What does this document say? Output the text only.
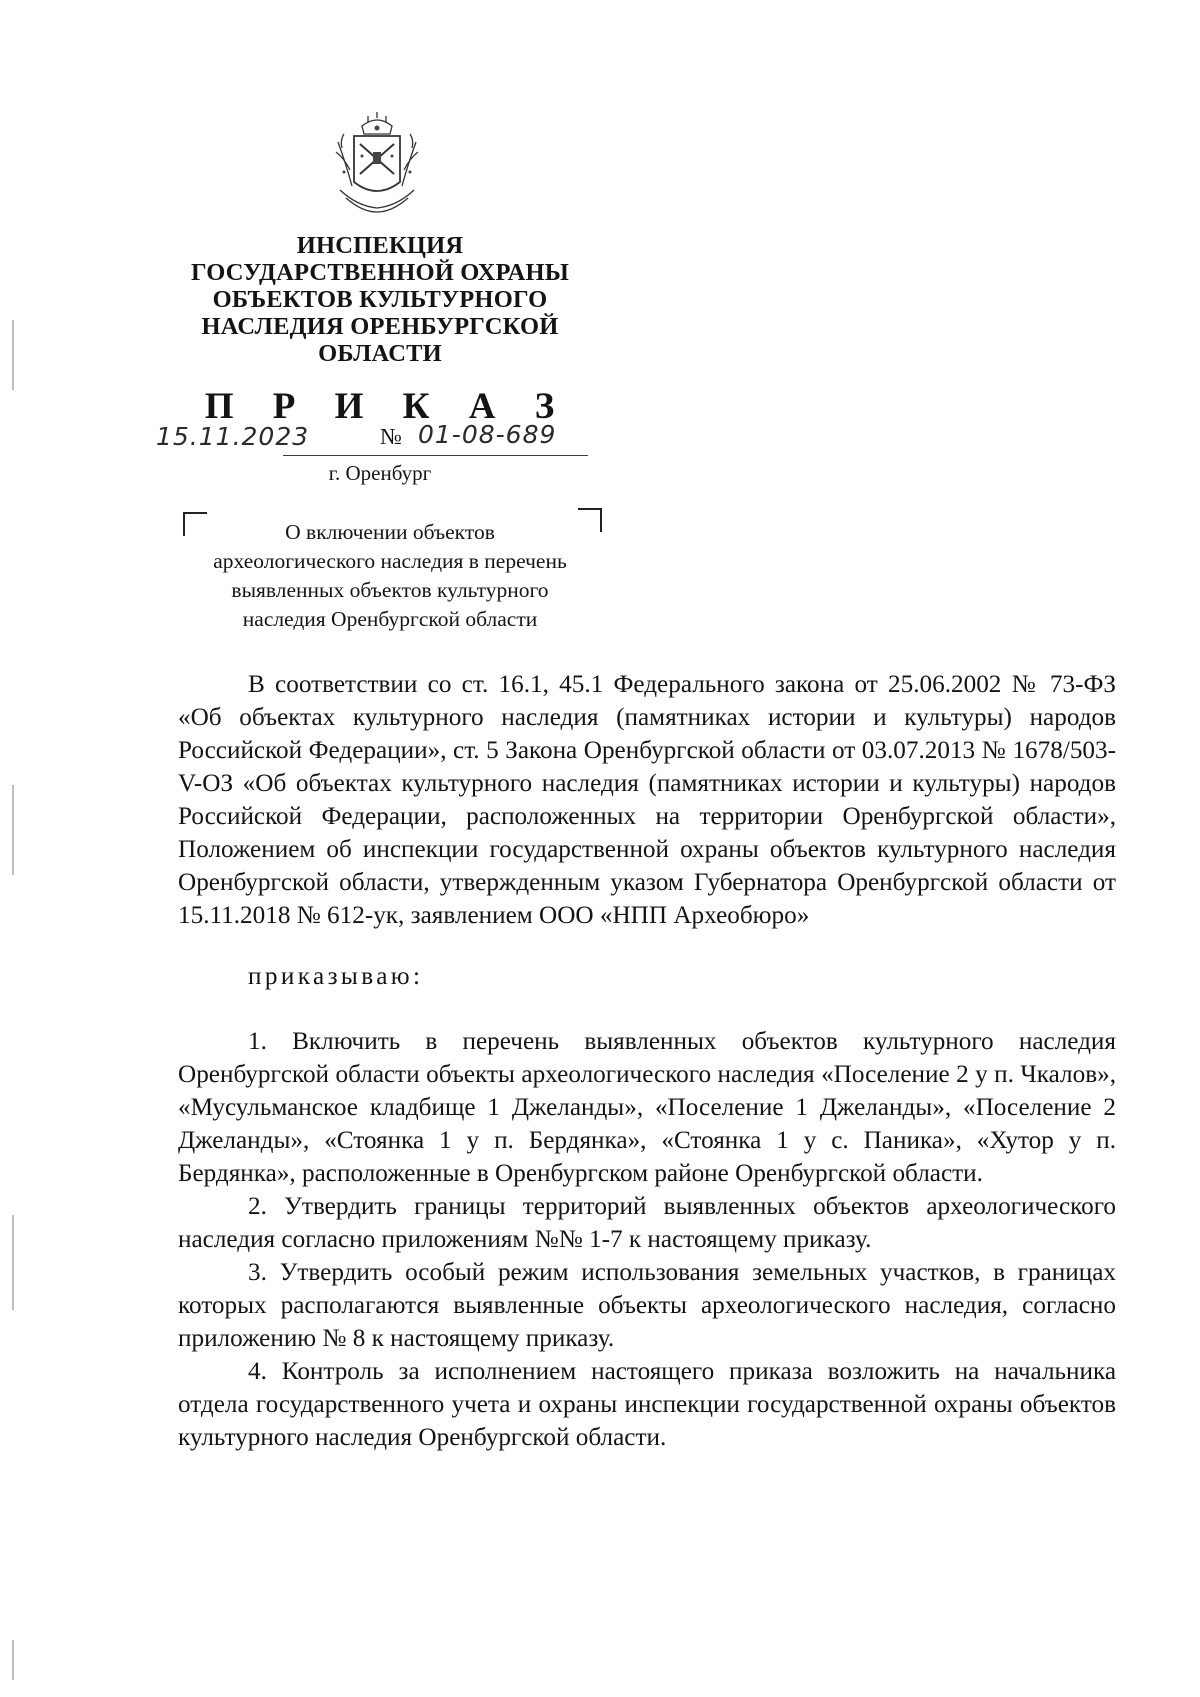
ИНСПЕКЦИЯ
ГОСУДАРСТВЕННОЙ ОХРАНЫ
ОБЪЕКТОВ КУЛЬТУРНОГО
НАСЛЕДИЯ ОРЕНБУРГСКОЙ
ОБЛАСТИ
П Р И К А З
15.11.2023	№ 01-08-689
г. Оренбург
О включении объектов
археологического наследия в перечень
выявленных объектов культурного
наследия Оренбургской области

В соответствии со ст. 16.1, 45.1 Федерального закона от 25.06.2002 № 73-ФЗ «Об объектах культурного наследия (памятниках истории и культуры) народов Российской Федерации», ст. 5 Закона Оренбургской области от 03.07.2013 № 1678/503-V-ОЗ «Об объектах культурного наследия (памятниках истории и культуры) народов Российской Федерации, расположенных на территории Оренбургской области», Положением об инспекции государственной охраны объектов культурного наследия Оренбургской области, утвержденным указом Губернатора Оренбургской области от 15.11.2018 № 612-ук, заявлением ООО «НПП Археобюро»

приказываю:

1. Включить в перечень выявленных объектов культурного наследия Оренбургской области объекты археологического наследия «Поселение 2 у п. Чкалов», «Мусульманское кладбище 1 Джеланды», «Поселение 1 Джеланды», «Поселение 2 Джеланды», «Стоянка 1 у п. Бердянка», «Стоянка 1 у с. Паника», «Хутор у п. Бердянка», расположенные в Оренбургском районе Оренбургской области.

2. Утвердить границы территорий выявленных объектов археологического наследия согласно приложениям №№ 1-7 к настоящему приказу.

3. Утвердить особый режим использования земельных участков, в границах которых располагаются выявленные объекты археологического наследия, согласно приложению № 8 к настоящему приказу.

4. Контроль за исполнением настоящего приказа возложить на начальника отдела государственного учета и охраны инспекции государственной охраны объектов культурного наследия Оренбургской области.
